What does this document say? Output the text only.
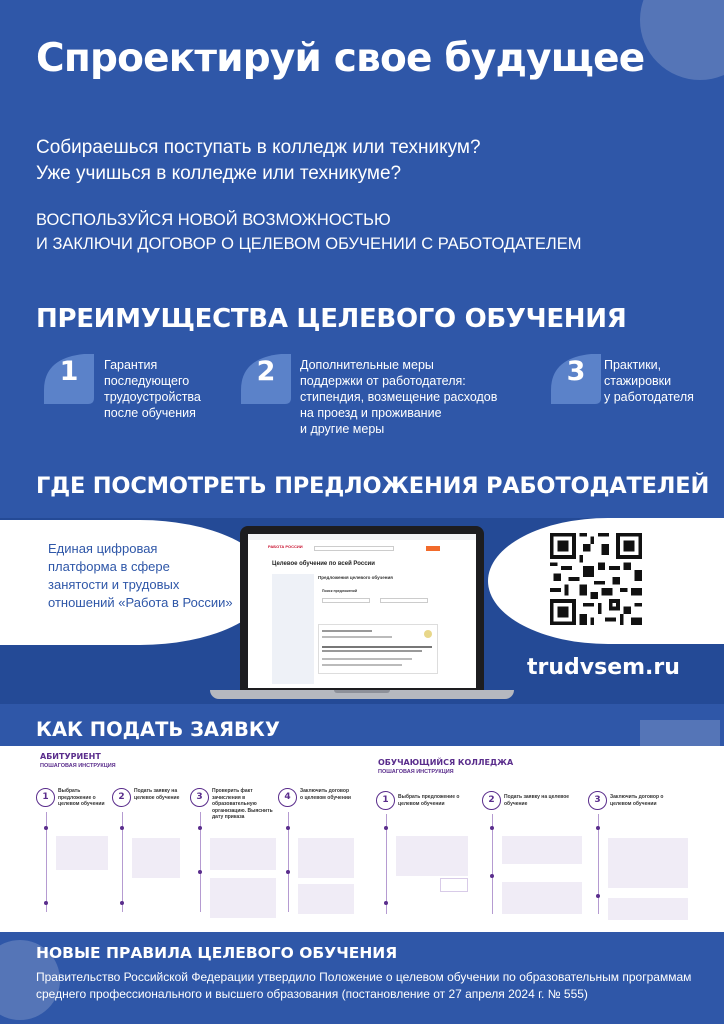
Спроектируй свое будущее
Собираешься поступать в колледж или техникум?
Уже учишься в колледже или техникуме?
ВОСПОЛЬЗУЙСЯ НОВОЙ ВОЗМОЖНОСТЬЮ
И ЗАКЛЮЧИ ДОГОВОР О ЦЕЛЕВОМ ОБУЧЕНИИ С РАБОТОДАТЕЛЕМ
ПРЕИМУЩЕСТВА ЦЕЛЕВОГО ОБУЧЕНИЯ
1	Гарантия
последующего
трудоустройства
после обучения
2	Дополнительные меры
поддержки от работодателя:
стипендия, возмещение расходов
на проезд и проживание
и другие меры
3	Практики,
стажировки
у работодателя
ГДЕ ПОСМОТРЕТЬ ПРЕДЛОЖЕНИЯ РАБОТОДАТЕЛЕЙ
Единая цифровая
платформа в сфере
занятости и трудовых
отношений «Работа в России»
trudvsem.ru
РАБОТА РОССИИ
Целевое обучение по всей России
Предложения целевого обучения
Поиск предложений
КАК ПОДАТЬ ЗАЯВКУ
АБИТУРИЕНТ
ПОШАГОВАЯ ИНСТРУКЦИЯ
1
Выбрать предложение о целевом обучении
2
Подать заявку на целевое обучение	3
Проверить факт зачисления в образовательную организацию. Выяснить дату приказа
4
Заключить договор о целевом обучении
ОБУЧАЮЩИЙСЯ КОЛЛЕДЖА
ПОШАГОВАЯ ИНСТРУКЦИЯ
1	Выбрать предложение о целевом обучении	2	Подать заявку на целевое обучение	3	Заключить договор о целевом обучении
НОВЫЕ ПРАВИЛА ЦЕЛЕВОГО ОБУЧЕНИЯ
Правительство Российской Федерации утвердило Положение о целевом обучении по образовательным программам среднего профессионального и высшего образования (постановление от 27 апреля 2024 г. № 555)
